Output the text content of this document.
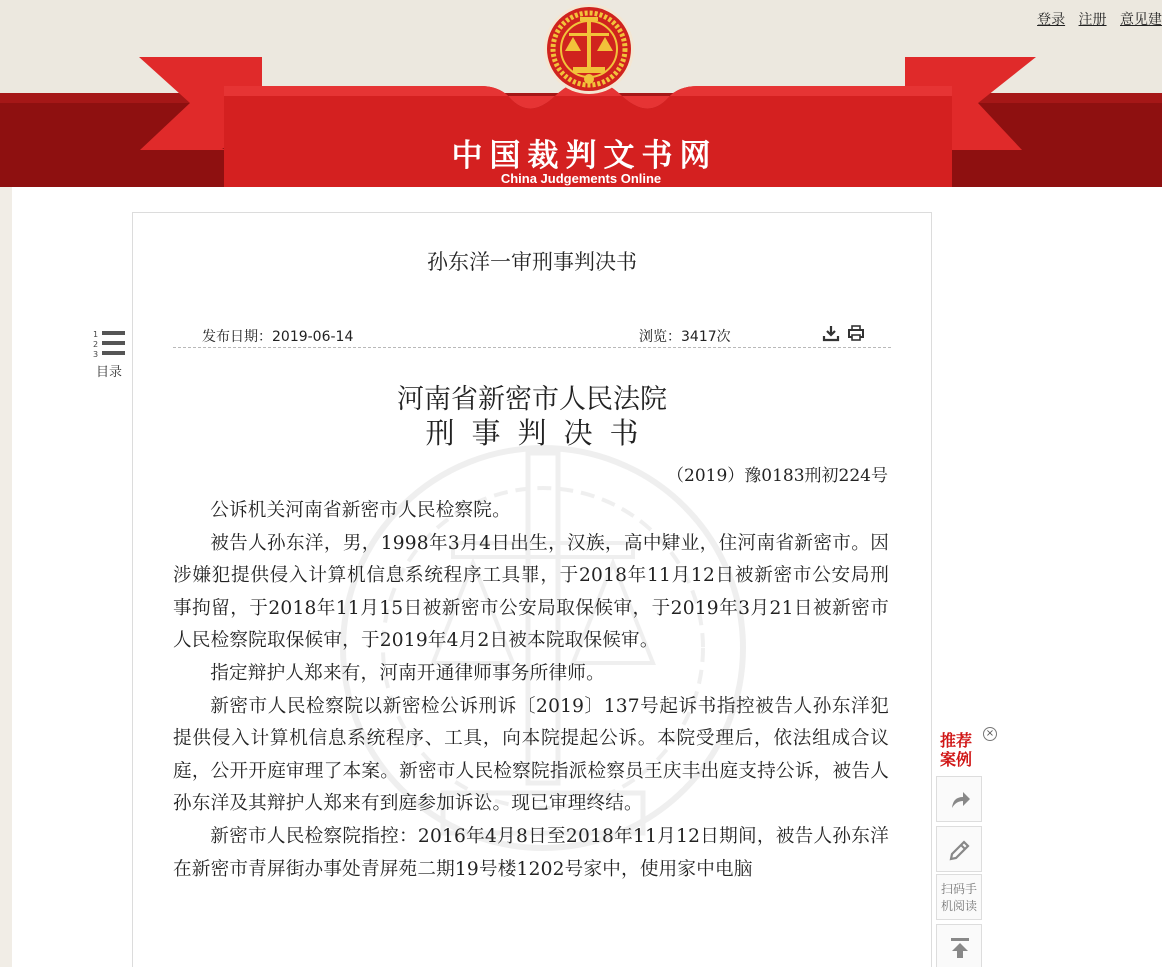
中国裁判文书网
China Judgements Online
登录 注册 意见建
1
2
3
目录
孙东洋一审刑事判决书
发布日期：2019-06-14	浏览：3417次
河南省新密市人民法院
刑事判决书
（2019）豫0183刑初224号

公诉机关河南省新密市人民检察院。

被告人孙东洋，男，1998年3月4日出生，汉族，高中肄业，住河南省新密市。因涉嫌犯提供侵入计算机信息系统程序工具罪，于2018年11月12日被新密市公安局刑事拘留，于2018年11月15日被新密市公安局取保候审，于2019年3月21日被新密市人民检察院取保候审，于2019年4月2日被本院取保候审。

指定辩护人郑来有，河南开通律师事务所律师。

新密市人民检察院以新密检公诉刑诉〔2019〕137号起诉书指控被告人孙东洋犯提供侵入计算机信息系统程序、工具，向本院提起公诉。本院受理后，依法组成合议庭，公开开庭审理了本案。新密市人民检察院指派检察员王庆丰出庭支持公诉，被告人孙东洋及其辩护人郑来有到庭参加诉讼。现已审理终结。

新密市人民检察院指控：2016年4月8日至2018年11月12日期间，被告人孙东洋在新密市青屏街办事处青屏苑二期19号楼1202号家中，使用家中电脑

推荐案例
×
扫码手
机阅读
